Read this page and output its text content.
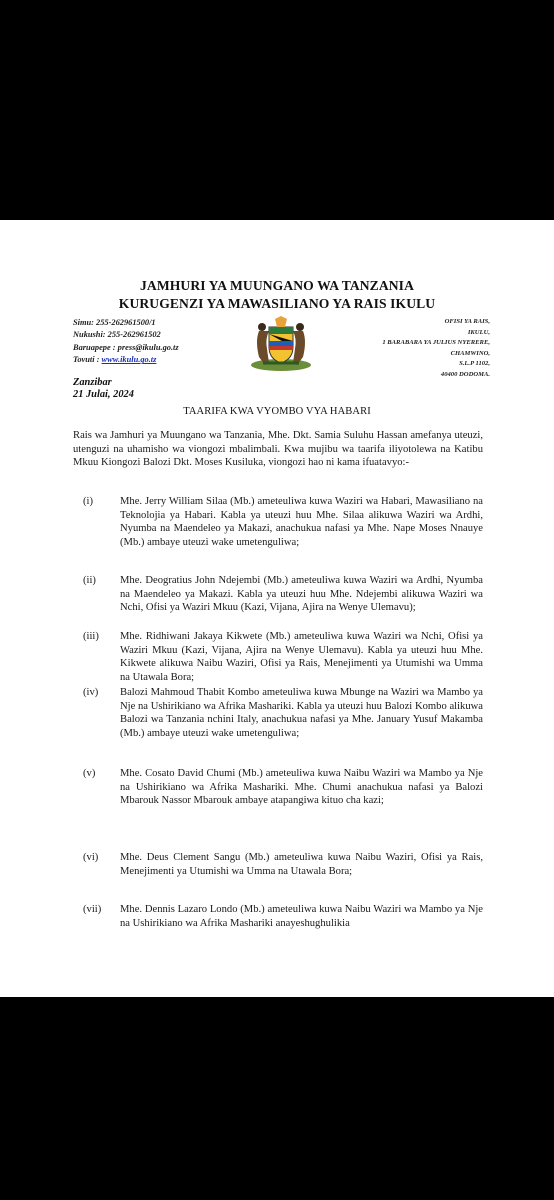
JAMHURI YA MUUNGANO WA TANZANIA
KURUGENZI YA MAWASILIANO YA RAIS IKULU
Simu: 255-262961500/1
Nukushi: 255-262961502
Baruapepe : press@ikulu.go.tz
Tovuti : www.ikulu.go.tz
OFISI YA RAIS,
IKULU,
1 BARABARA YA JULIUS NYERERE,
CHAMWINO,
S.L.P 1102,
40400 DODOMA.
Zanzibar
21 Julai, 2024
TAARIFA KWA VYOMBO VYA HABARI
Rais wa Jamhuri ya Muungano wa Tanzania, Mhe. Dkt. Samia Suluhu Hassan amefanya uteuzi, utenguzi na uhamisho wa viongozi mbalimbali. Kwa mujibu wa taarifa iliyotolewa na Katibu Mkuu Kiongozi Balozi Dkt. Moses Kusiluka, viongozi hao ni kama ifuatavyo:-
(i)	Mhe. Jerry William Silaa (Mb.) ameteuliwa kuwa Waziri wa Habari, Mawasiliano na Teknolojia ya Habari. Kabla ya uteuzi huu Mhe. Silaa alikuwa Waziri wa Ardhi, Nyumba na Maendeleo ya Makazi, anachukua nafasi ya Mhe. Nape Moses Nnauye (Mb.) ambaye uteuzi wake umetenguliwa;
(ii) Mhe. Deogratius John Ndejembi (Mb.) ameteuliwa kuwa Waziri wa Ardhi, Nyumba na Maendeleo ya Makazi. Kabla ya uteuzi huu Mhe. Ndejembi alikuwa Waziri wa Nchi, Ofisi ya Waziri Mkuu (Kazi, Vijana, Ajira na Wenye Ulemavu);
(iii) Mhe. Ridhiwani Jakaya Kikwete (Mb.) ameteuliwa kuwa Waziri wa Nchi, Ofisi ya Waziri Mkuu (Kazi, Vijana, Ajira na Wenye Ulemavu). Kabla ya uteuzi huu Mhe. Kikwete alikuwa Naibu Waziri, Ofisi ya Rais, Menejimenti ya Utumishi wa Umma na Utawala Bora;
(iv) Balozi Mahmoud Thabit Kombo ameteuliwa kuwa Mbunge na Waziri wa Mambo ya Nje na Ushirikiano wa Afrika Mashariki. Kabla ya uteuzi huu Balozi Kombo alikuwa Balozi wa Tanzania nchini Italy, anachukua nafasi ya Mhe. January Yusuf Makamba (Mb.) ambaye uteuzi wake umetenguliwa;
(v) Mhe. Cosato David Chumi (Mb.) ameteuliwa kuwa Naibu Waziri wa Mambo ya Nje na Ushirikiano wa Afrika Mashariki. Mhe. Chumi anachukua nafasi ya Balozi Mbarouk Nassor Mbarouk ambaye atapangiwa kituo cha kazi;
(vi) Mhe. Deus Clement Sangu (Mb.) ameteuliwa kuwa Naibu Waziri, Ofisi ya Rais, Menejimenti ya Utumishi wa Umma na Utawala Bora;
(vii) Mhe. Dennis Lazaro Londo (Mb.) ameteuliwa kuwa Naibu Waziri wa Mambo ya Nje na Ushirikiano wa Afrika Mashariki anayeshughulikia
